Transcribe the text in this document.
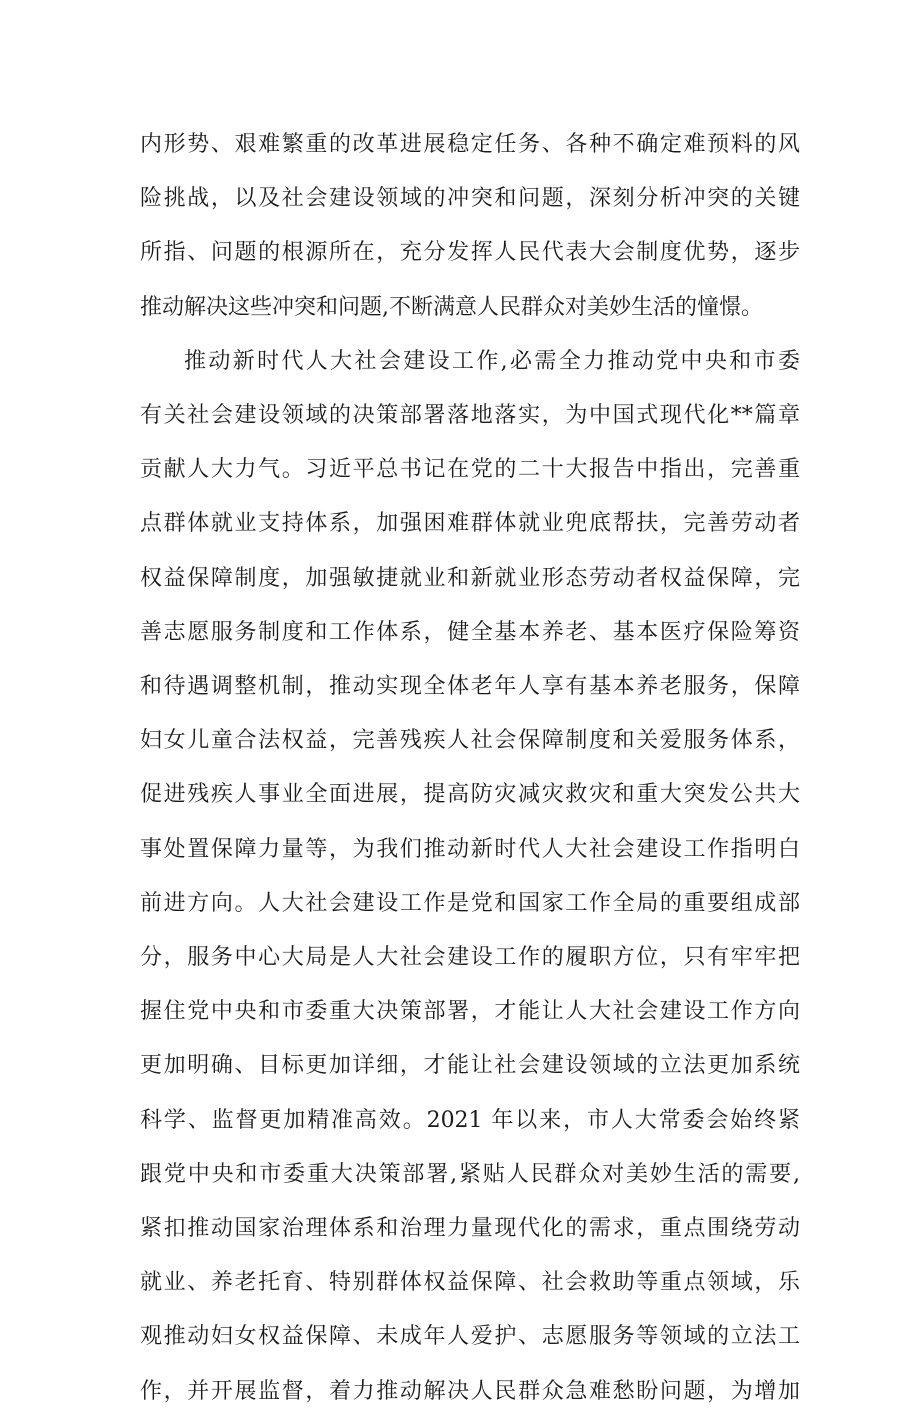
内形势、艰难繁重的改革进展稳定任务、各种不确定难预料的风
险挑战，以及社会建设领域的冲突和问题，深刻分析冲突的关键
所指、问题的根源所在，充分发挥人民代表大会制度优势，逐步
推动解决这些冲突和问题,不断满意人民群众对美妙生活的憧憬。

推动新时代人大社会建设工作,必需全力推动党中央和市委
有关社会建设领域的决策部署落地落实，为中国式现代化**篇章
贡献人大力气。习近平总书记在党的二十大报告中指出，完善重
点群体就业支持体系，加强困难群体就业兜底帮扶，完善劳动者
权益保障制度，加强敏捷就业和新就业形态劳动者权益保障，完
善志愿服务制度和工作体系，健全基本养老、基本医疗保险筹资
和待遇调整机制，推动实现全体老年人享有基本养老服务，保障
妇女儿童合法权益，完善残疾人社会保障制度和关爱服务体系，
促进残疾人事业全面进展，提高防灾减灾救灾和重大突发公共大
事处置保障力量等，为我们推动新时代人大社会建设工作指明白
前进方向。人大社会建设工作是党和国家工作全局的重要组成部
分，服务中心大局是人大社会建设工作的履职方位，只有牢牢把
握住党中央和市委重大决策部署，才能让人大社会建设工作方向
更加明确、目标更加详细，才能让社会建设领域的立法更加系统
科学、监督更加精准高效。2021 年以来，市人大常委会始终紧
跟党中央和市委重大决策部署,紧贴人民群众对美妙生活的需要,
紧扣推动国家治理体系和治理力量现代化的需求，重点围绕劳动
就业、养老托育、特别群体权益保障、社会救助等重点领域，乐
观推动妇女权益保障、未成年人爱护、志愿服务等领域的立法工
作，并开展监督，着力推动解决人民群众急难愁盼问题，为增加
